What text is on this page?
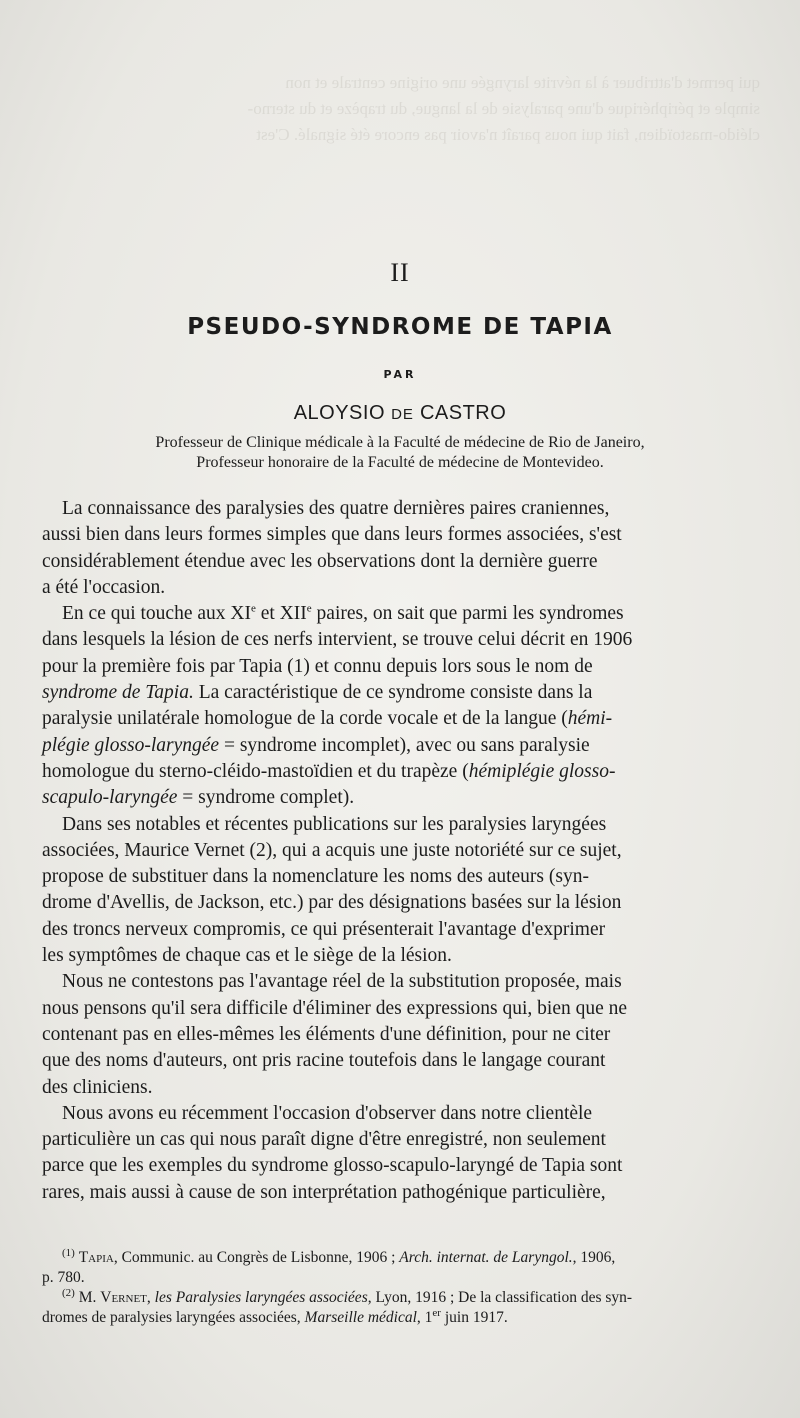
qui permet d'attribuer à la névrite laryngée une origine centrale et non
simple et périphérique d'une paralysie de la langue, du trapèze et du sterno-
cléido-mastoïdien, fait qui nous paraît n'avoir pas encore été signalé. C'est
II
PSEUDO-SYNDROME DE TAPIA
PAR
ALOYSIO DE CASTRO
Professeur de Clinique médicale à la Faculté de médecine de Rio de Janeiro,
Professeur honoraire de la Faculté de médecine de Montevideo.
La connaissance des paralysies des quatre dernières paires craniennes,
aussi bien dans leurs formes simples que dans leurs formes associées, s'est
considérablement étendue avec les observations dont la dernière guerre
a été l'occasion.
En ce qui touche aux XIe et XIIe paires, on sait que parmi les syndromes
dans lesquels la lésion de ces nerfs intervient, se trouve celui décrit en 1906
pour la première fois par Tapia (1) et connu depuis lors sous le nom de
syndrome de Tapia. La caractéristique de ce syndrome consiste dans la
paralysie unilatérale homologue de la corde vocale et de la langue (hémi-
plégie glosso-laryngée = syndrome incomplet), avec ou sans paralysie
homologue du sterno-cléido-mastoïdien et du trapèze (hémiplégie glosso-
scapulo-laryngée = syndrome complet).
Dans ses notables et récentes publications sur les paralysies laryngées
associées, Maurice Vernet (2), qui a acquis une juste notoriété sur ce sujet,
propose de substituer dans la nomenclature les noms des auteurs (syn-
drome d'Avellis, de Jackson, etc.) par des désignations basées sur la lésion
des troncs nerveux compromis, ce qui présenterait l'avantage d'exprimer
les symptômes de chaque cas et le siège de la lésion.
Nous ne contestons pas l'avantage réel de la substitution proposée, mais
nous pensons qu'il sera difficile d'éliminer des expressions qui, bien que ne
contenant pas en elles-mêmes les éléments d'une définition, pour ne citer
que des noms d'auteurs, ont pris racine toutefois dans le langage courant
des cliniciens.
Nous avons eu récemment l'occasion d'observer dans notre clientèle
particulière un cas qui nous paraît digne d'être enregistré, non seulement
parce que les exemples du syndrome glosso-scapulo-laryngé de Tapia sont
rares, mais aussi à cause de son interprétation pathogénique particulière,
$^{(1)}$ Tapia, Communic. au Congrès de Lisbonne, 1906 ; Arch. internat. de Laryngol., 1906,
p. 780.
$^{(2)}$ M. Vernet, les Paralysies laryngées associées, Lyon, 1916 ; De la classification des syn-
dromes de paralysies laryngées associées, Marseille médical, 1er juin 1917.
